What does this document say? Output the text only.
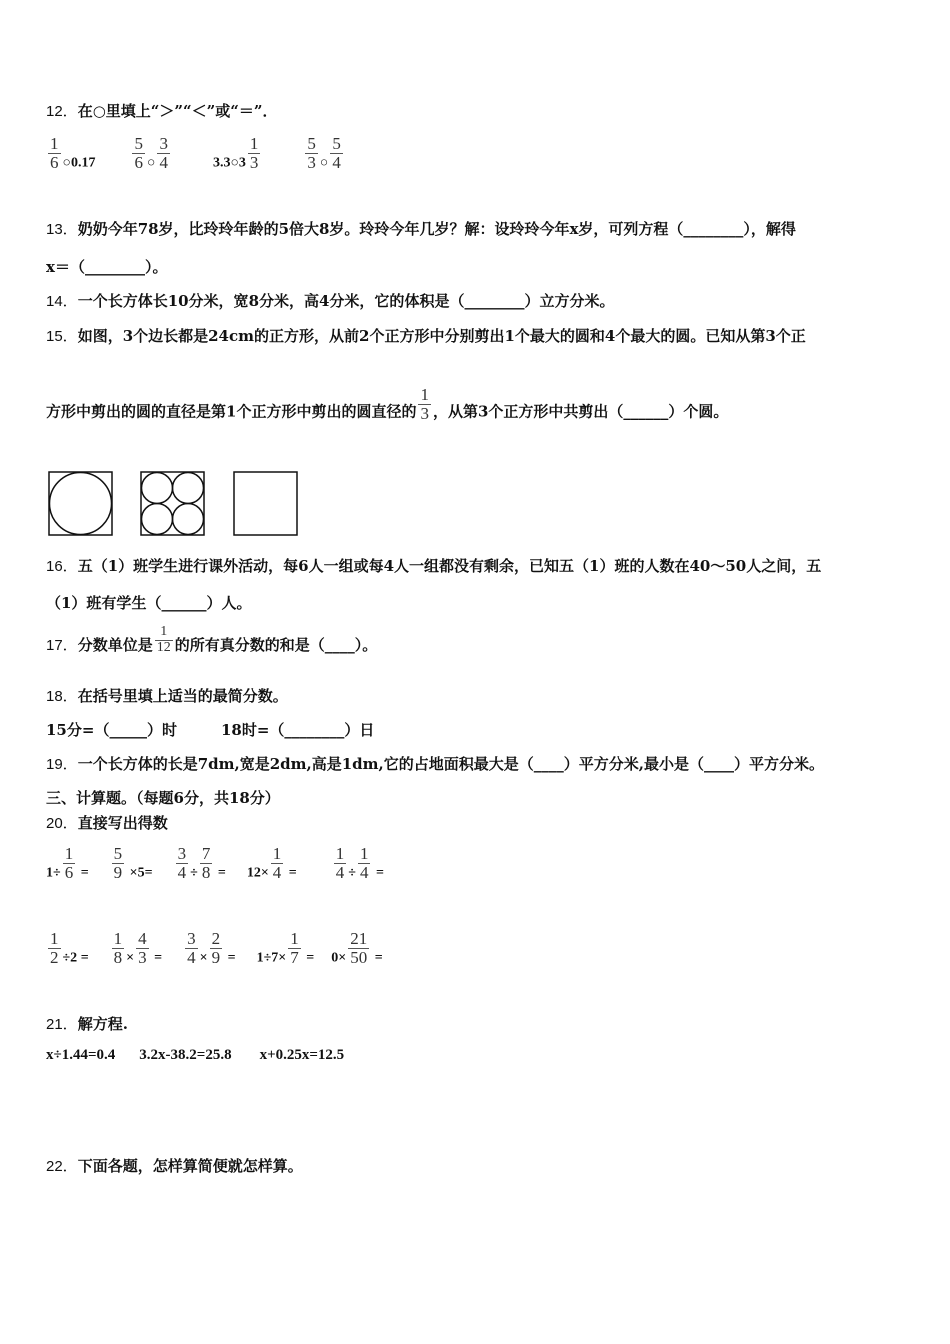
12．在○里填上“＞”“＜”或“＝”．
$\frac{1}{6}$ ○0.17 $\frac{5}{6}$ ○ $\frac{3}{4}$	3.3○3 $\frac{1}{3}$
	$\frac{5}{3}$ ○ $\frac{5}{4}$
13．奶奶今年78岁，比玲玲年龄的5倍大8岁。玲玲今年几岁？解：设玲玲今年x岁，可列方程（________），解得
x＝（________）。
14．一个长方体长10分米，宽8分米，高4分米，它的体积是（________）立方分米。
15．如图，3个边长都是24cm的正方形，从前2个正方形中分别剪出1个最大的圆和4个最大的圆。已知从第3个正
方形中剪出的圆的直径是第1个正方形中剪出的圆直径的 $\frac{1}{3}$ ，从第3个正方形中共剪出（______）个圆。
16．五（1）班学生进行课外活动，每6人一组或每4人一组都没有剩余，已知五（1）班的人数在40～50人之间，五
（1）班有学生（______）人。
17．分数单位是 $\frac{1}{12}$ 的所有真分数的和是（____）。
18．在括号里填上适当的最简分数。
15分=（_____）时	18时=（________）日
19．一个长方体的长是7dm,宽是2dm,高是1dm,它的占地面积最大是（____）平方分米,最小是（____）平方分米。
三、计算题。（每题6分，共18分）
20．直接写出得数
$1\div \frac{1}{6} = \frac{5}{9} \times 5= \frac{3}{4} \div \frac{7}{8} = 12\times \frac{1}{4} = \frac{1}{4} \div \frac{1}{4}$ =
$\frac{1}{2} \div 2 = \frac{1}{8} \times \frac{4}{3} = \frac{3}{4} \times \frac{2}{9} = 1\div 7\times \frac{1}{7} = 0\times \frac{21}{50}$ =
21．解方程.
x÷1.44=0.4 3.2x-38.2=25.8 x+0.25x=12.5
22．下面各题，怎样算简便就怎样算。
